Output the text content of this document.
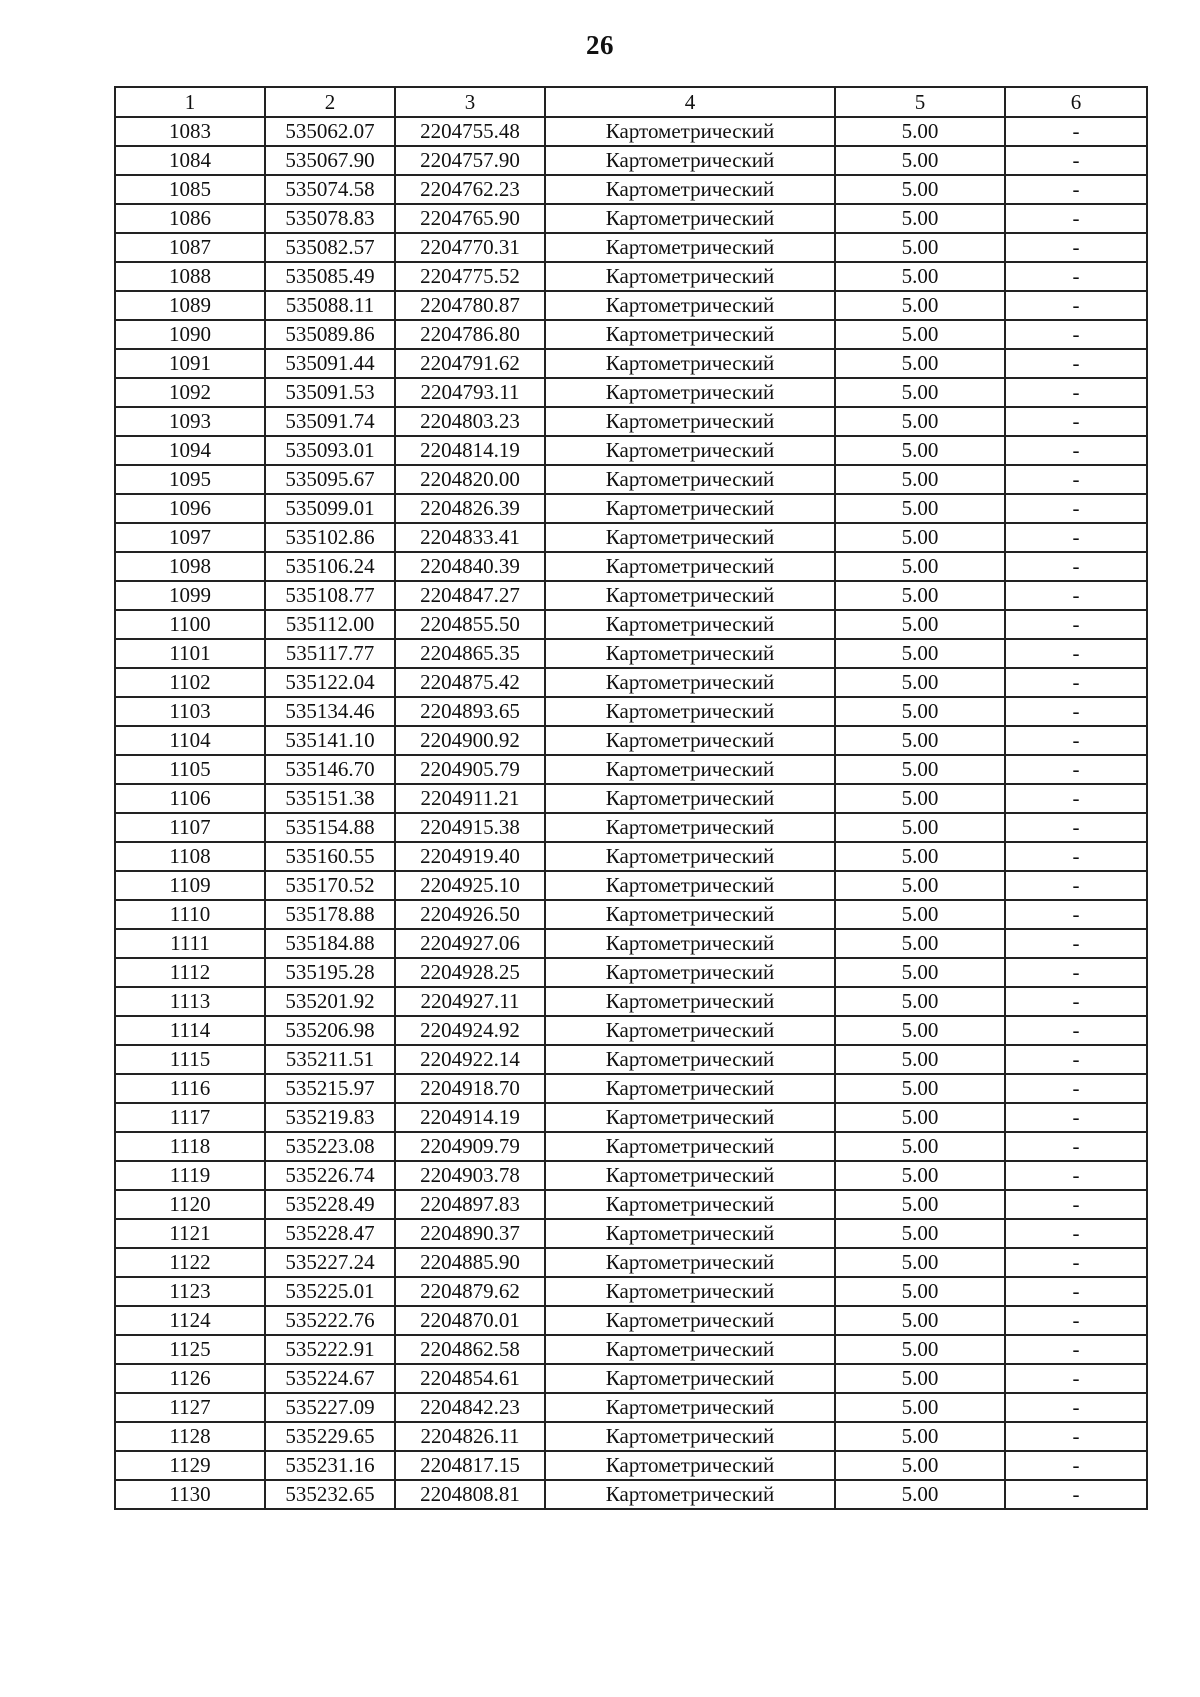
26
1	2	3	4	5	6
1083	535062.07	2204755.48	Картометрический	5.00	-
1084	535067.90	2204757.90	Картометрический	5.00	-
1085	535074.58	2204762.23	Картометрический	5.00	-
1086	535078.83	2204765.90	Картометрический	5.00	-
1087	535082.57	2204770.31	Картометрический	5.00	-
1088	535085.49	2204775.52	Картометрический	5.00	-
1089	535088.11	2204780.87	Картометрический	5.00	-
1090	535089.86	2204786.80	Картометрический	5.00	-
1091	535091.44	2204791.62	Картометрический	5.00	-
1092	535091.53	2204793.11	Картометрический	5.00	-
1093	535091.74	2204803.23	Картометрический	5.00	-
1094	535093.01	2204814.19	Картометрический	5.00	-
1095	535095.67	2204820.00	Картометрический	5.00	-
1096	535099.01	2204826.39	Картометрический	5.00	-
1097	535102.86	2204833.41	Картометрический	5.00	-
1098	535106.24	2204840.39	Картометрический	5.00	-
1099	535108.77	2204847.27	Картометрический	5.00	-
1100	535112.00	2204855.50	Картометрический	5.00	-
1101	535117.77	2204865.35	Картометрический	5.00	-
1102	535122.04	2204875.42	Картометрический	5.00	-
1103	535134.46	2204893.65	Картометрический	5.00	-
1104	535141.10	2204900.92	Картометрический	5.00	-
1105	535146.70	2204905.79	Картометрический	5.00	-
1106	535151.38	2204911.21	Картометрический	5.00	-
1107	535154.88	2204915.38	Картометрический	5.00	-
1108	535160.55	2204919.40	Картометрический	5.00	-
1109	535170.52	2204925.10	Картометрический	5.00	-
1110	535178.88	2204926.50	Картометрический	5.00	-
1111	535184.88	2204927.06	Картометрический	5.00	-
1112	535195.28	2204928.25	Картометрический	5.00	-
1113	535201.92	2204927.11	Картометрический	5.00	-
1114	535206.98	2204924.92	Картометрический	5.00	-
1115	535211.51	2204922.14	Картометрический	5.00	-
1116	535215.97	2204918.70	Картометрический	5.00	-
1117	535219.83	2204914.19	Картометрический	5.00	-
1118	535223.08	2204909.79	Картометрический	5.00	-
1119	535226.74	2204903.78	Картометрический	5.00	-
1120	535228.49	2204897.83	Картометрический	5.00	-
1121	535228.47	2204890.37	Картометрический	5.00	-
1122	535227.24	2204885.90	Картометрический	5.00	-
1123	535225.01	2204879.62	Картометрический	5.00	-
1124	535222.76	2204870.01	Картометрический	5.00	-
1125	535222.91	2204862.58	Картометрический	5.00	-
1126	535224.67	2204854.61	Картометрический	5.00	-
1127	535227.09	2204842.23	Картометрический	5.00	-
1128	535229.65	2204826.11	Картометрический	5.00	-
1129	535231.16	2204817.15	Картометрический	5.00	-
1130	535232.65	2204808.81	Картометрический	5.00	-
